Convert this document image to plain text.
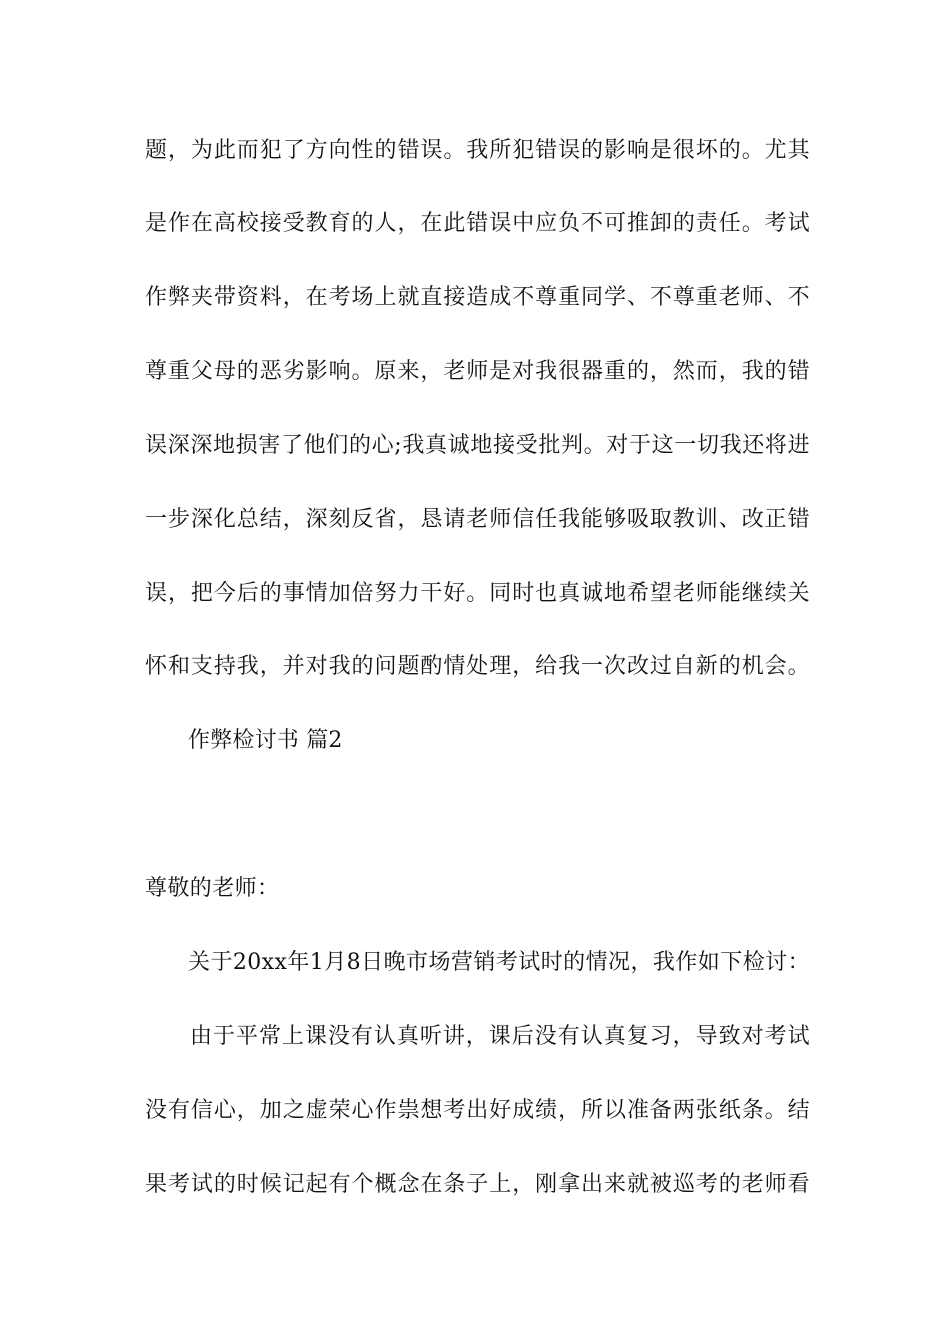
题，为此而犯了方向性的错误。我所犯错误的影响是很坏的。尤其
是作在高校接受教育的人，在此错误中应负不可推卸的责任。考试
作弊夹带资料，在考场上就直接造成不尊重同学、不尊重老师、不
尊重父母的恶劣影响。原来，老师是对我很器重的，然而，我的错
误深深地损害了他们的心;我真诚地接受批判。对于这一切我还将进
一步深化总结，深刻反省，恳请老师信任我能够吸取教训、改正错
误，把今后的事情加倍努力干好。同时也真诚地希望老师能继续关
怀和支持我，并对我的问题酌情处理，给我一次改过自新的机会。
作弊检讨书 篇2
尊敬的老师：
关于20xx年1月8日晚市场营销考试时的情况，我作如下检讨：
由于平常上课没有认真听讲，课后没有认真复习，导致对考试
没有信心，加之虚荣心作祟想考出好成绩，所以准备两张纸条。结
果考试的时候记起有个概念在条子上，刚拿出来就被巡考的老师看
